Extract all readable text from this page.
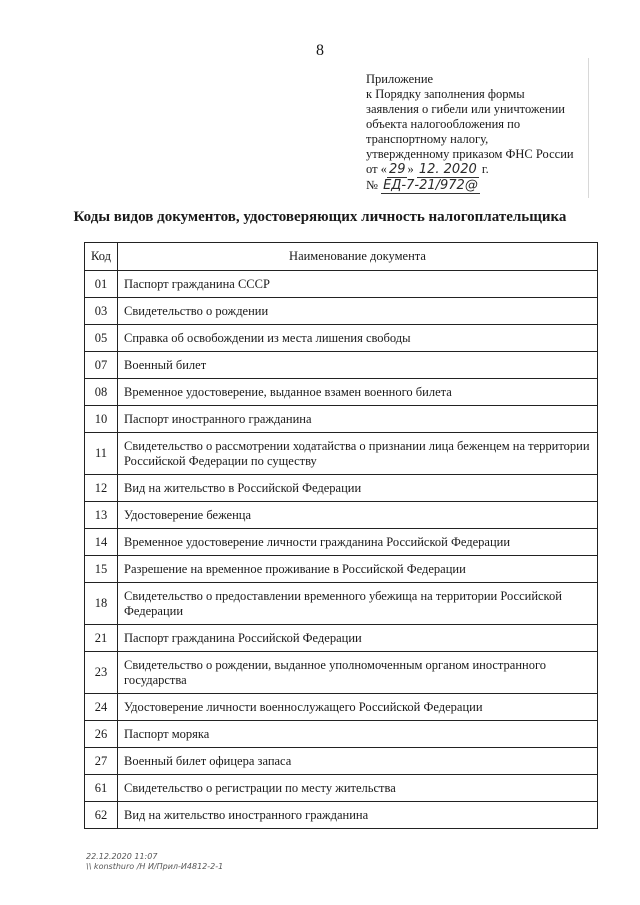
8
Приложение
к Порядку заполнения формы
заявления о гибели или уничтожении
объекта налогообложения по
транспортному налогу,
утвержденному приказом ФНС России
от « 29 » 12. 2020 г.
№ ЕД-7-21/972@
Коды видов документов, удостоверяющих личность налогоплательщика
Код	Наименование документа
01	Паспорт гражданина СССР
03	Свидетельство о рождении
05	Справка об освобождении из места лишения свободы
07	Военный билет
08	Временное удостоверение, выданное взамен военного билета
10	Паспорт иностранного гражданина
11	Свидетельство о рассмотрении ходатайства о признании лица беженцем на территории Российской Федерации по существу
12	Вид на жительство в Российской Федерации
13	Удостоверение беженца
14	Временное удостоверение личности гражданина Российской Федерации
15	Разрешение на временное проживание в Российской Федерации
18	Свидетельство о предоставлении временного убежища на территории Российской Федерации
21	Паспорт гражданина Российской Федерации
23	Свидетельство о рождении, выданное уполномоченным органом иностранного государства
24	Удостоверение личности военнослужащего Российской Федерации
26	Паспорт моряка
27	Военный билет офицера запаса
61	Свидетельство о регистрации по месту жительства
62	Вид на жительство иностранного гражданина
22.12.2020 11:07
\\ konsthuro /Н И/Прил-И4812-2-1
